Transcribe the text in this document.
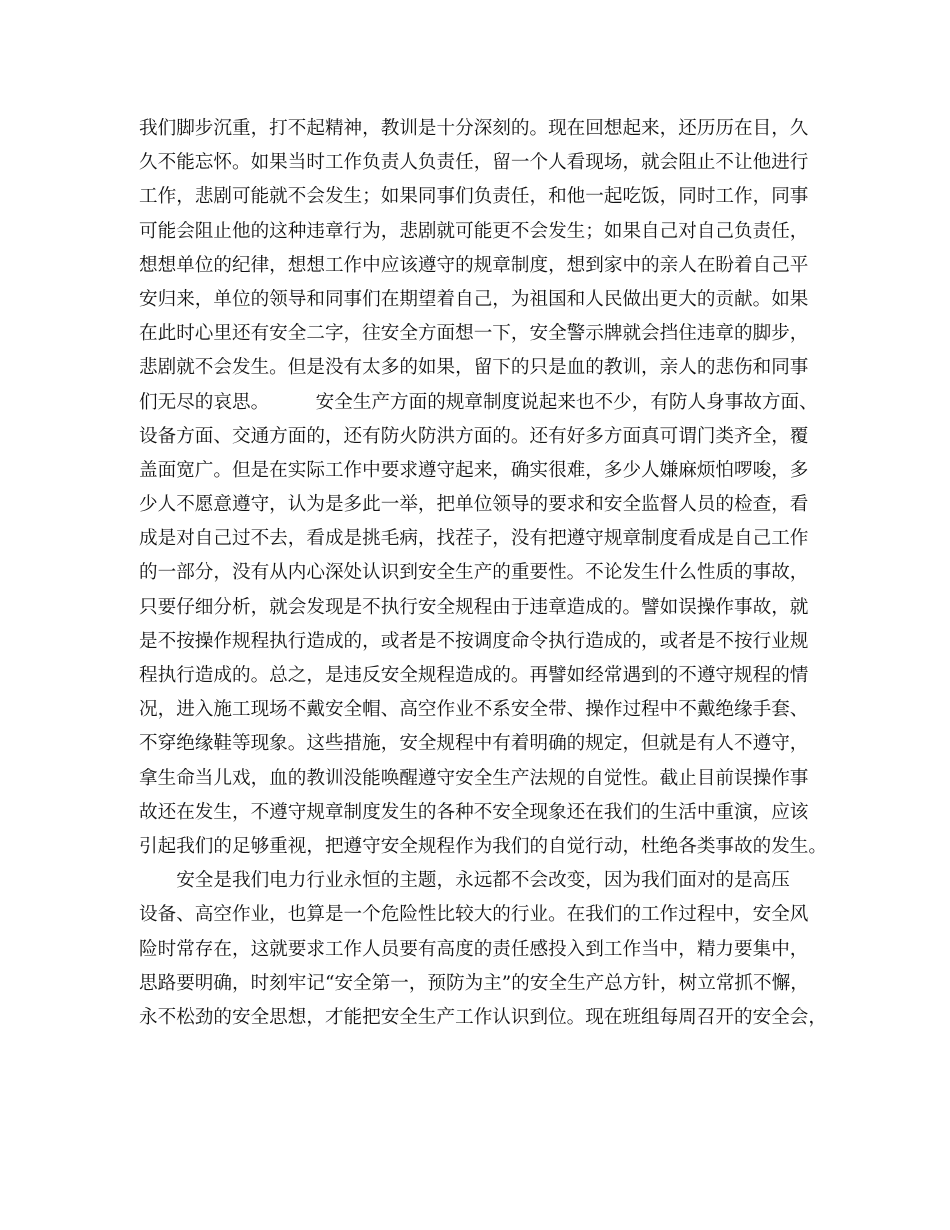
我们脚步沉重，打不起精神，教训是十分深刻的。现在回想起来，还历历在目，久
久不能忘怀。如果当时工作负责人负责任，留一个人看现场，就会阻止不让他进行
工作，悲剧可能就不会发生；如果同事们负责任，和他一起吃饭，同时工作，同事
可能会阻止他的这种违章行为，悲剧就可能更不会发生；如果自己对自己负责任，
想想单位的纪律，想想工作中应该遵守的规章制度，想到家中的亲人在盼着自己平
安归来，单位的领导和同事们在期望着自己，为祖国和人民做出更大的贡献。如果
在此时心里还有安全二字，往安全方面想一下，安全警示牌就会挡住违章的脚步，
悲剧就不会发生。但是没有太多的如果，留下的只是血的教训，亲人的悲伤和同事
们无尽的哀思。　　　安全生产方面的规章制度说起来也不少，有防人身事故方面、
设备方面、交通方面的，还有防火防洪方面的。还有好多方面真可谓门类齐全，覆
盖面宽广。但是在实际工作中要求遵守起来，确实很难，多少人嫌麻烦怕啰唆，多
少人不愿意遵守，认为是多此一举，把单位领导的要求和安全监督人员的检查，看
成是对自己过不去，看成是挑毛病，找茬子，没有把遵守规章制度看成是自己工作
的一部分，没有从内心深处认识到安全生产的重要性。不论发生什么性质的事故，
只要仔细分析，就会发现是不执行安全规程由于违章造成的。譬如误操作事故，就
是不按操作规程执行造成的，或者是不按调度命令执行造成的，或者是不按行业规
程执行造成的。总之，是违反安全规程造成的。再譬如经常遇到的不遵守规程的情
况，进入施工现场不戴安全帽、高空作业不系安全带、操作过程中不戴绝缘手套、
不穿绝缘鞋等现象。这些措施，安全规程中有着明确的规定，但就是有人不遵守，
拿生命当儿戏，血的教训没能唤醒遵守安全生产法规的自觉性。截止目前误操作事
故还在发生，不遵守规章制度发生的各种不安全现象还在我们的生活中重演，应该
引起我们的足够重视，把遵守安全规程作为我们的自觉行动，杜绝各类事故的发生。
　　安全是我们电力行业永恒的主题，永远都不会改变，因为我们面对的是高压
设备、高空作业，也算是一个危险性比较大的行业。在我们的工作过程中，安全风
险时常存在，这就要求工作人员要有高度的责任感投入到工作当中，精力要集中，
思路要明确，时刻牢记“安全第一，预防为主”的安全生产总方针，树立常抓不懈，
永不松劲的安全思想，才能把安全生产工作认识到位。现在班组每周召开的安全会，
